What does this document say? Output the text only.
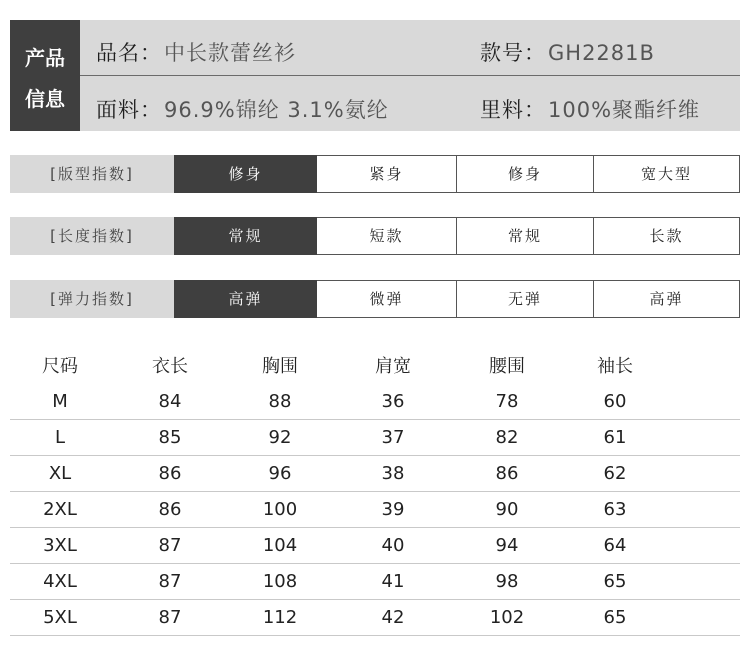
产品
信息
品名：中长款蕾丝衫	款号：GH2281B
面料：96.9%锦纶 3.1%氨纶	里料：100%聚酯纤维
[版型指数]	修身	紧身	修身	宽大型
[长度指数]	常规	短款	常规	长款
[弹力指数]	高弹	微弹	无弹	高弹
尺码	衣长	胸围	肩宽	腰围	袖长
M	84	88	36	78	60
L	85	92	37	82	61
XL	86	96	38	86	62
2XL	86	100	39	90	63
3XL	87	104	40	94	64
4XL	87	108	41	98	65
5XL	87	112	42	102	65
